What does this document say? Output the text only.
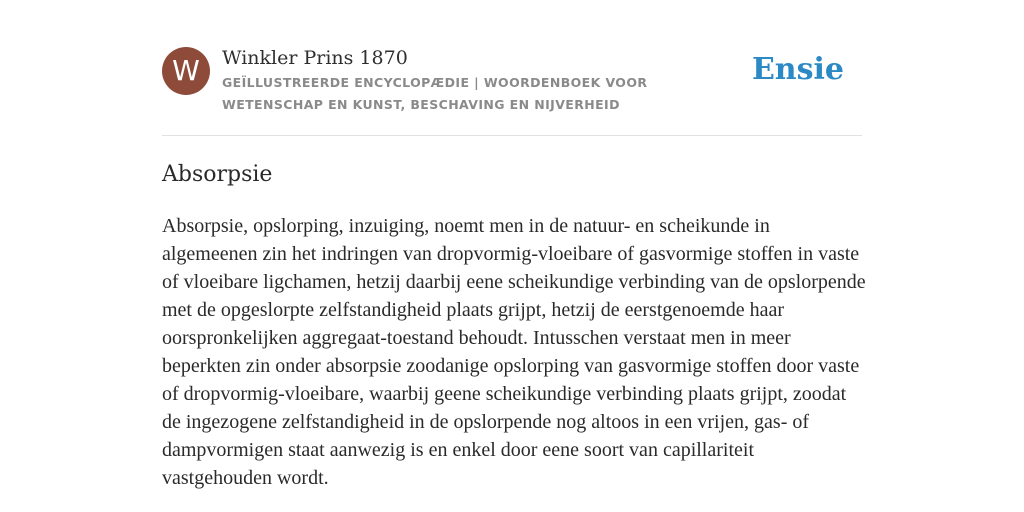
W	Winkler Prins 1870
GEÏLLUSTREERDE ENCYCLOPÆDIE | WOORDENBOEK VOOR WETENSCHAP EN KUNST, BESCHAVING EN NIJVERHEID
Ensie
Absorpsie

Absorpsie, opslorping, inzuiging, noemt men in de natuur- en scheikunde in algemeenen zin het indringen van dropvormig-vloeibare of gasvormige stoffen in vaste of vloeibare ligchamen, hetzij daarbij eene scheikundige verbinding van de opslorpende met de opgeslorpte zelfstandigheid plaats grijpt, hetzij de eerstgenoemde haar oorspronkelijken aggregaat-toestand behoudt. Intusschen verstaat men in meer beperkten zin onder absorpsie zoodanige opslorping van gasvormige stoffen door vaste of dropvormig-vloeibare, waarbij geene scheikundige verbinding plaats grijpt, zoodat de ingezogene zelfstandigheid in de opslorpende nog altoos in een vrijen, gas- of dampvormigen staat aanwezig is en enkel door eene soort van capillariteit vastgehouden wordt.
